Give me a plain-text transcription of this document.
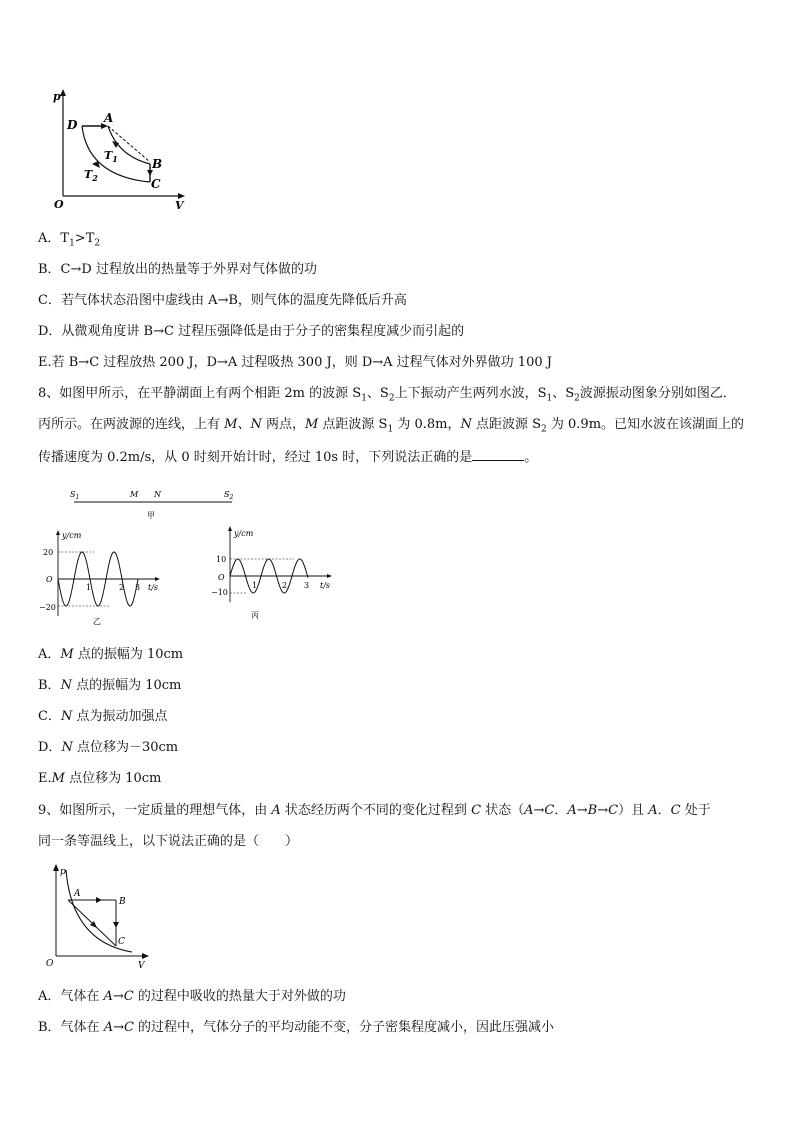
p
V
O
D A
B
C
$T_1$
$T_2$
A．$T_1>T_2$
B．C→D 过程放出的热量等于外界对气体做的功
C．若气体状态沿图中虚线由 A→B，则气体的温度先降低后升高
D．从微观角度讲 B→C 过程压强降低是由于分子的密集程度减少而引起的
E.若 B→C 过程放热 200 J，D→A 过程吸热 300 J，则 D→A 过程气体对外界做功 100 J
8、如图甲所示，在平静湖面上有两个相距 2m 的波源 $S_1$、$S_2$上下振动产生两列水波，$S_1$、$S_2$波源振动图象分别如图乙．
丙所示。在两波源的连线，上有 M、N 两点，M 点距波源 $S_1$ 为 0.8m，N 点距波源 $S_2$ 为 0.9m。已知水波在该湖面上的
传播速度为 0.2m/s，从 0 时刻开始计时，经过 10s 时，下列说法正确的是	。
$S_1$	M N	$S_2$
甲
y/cm
t/s
O
20
−20
1	2 3
乙
y/cm
t/s
O
10
−10
1	2 3
丙
A．M 点的振幅为 10cm
B．N 点的振幅为 10cm
C．N 点为振动加强点
D．N 点位移为－30cm
E.M 点位移为 10cm
9、如图所示，一定质量的理想气体，由 A 状态经历两个不同的变化过程到 C 状态（A→C．A→B→C）且 A．C 处于
同一条等温线上，以下说法正确的是（　　）
p
V
O
A
B
C
A．气体在 A→C 的过程中吸收的热量大于对外做的功
B．气体在 A→C 的过程中，气体分子的平均动能不变，分子密集程度减小，因此压强减小
